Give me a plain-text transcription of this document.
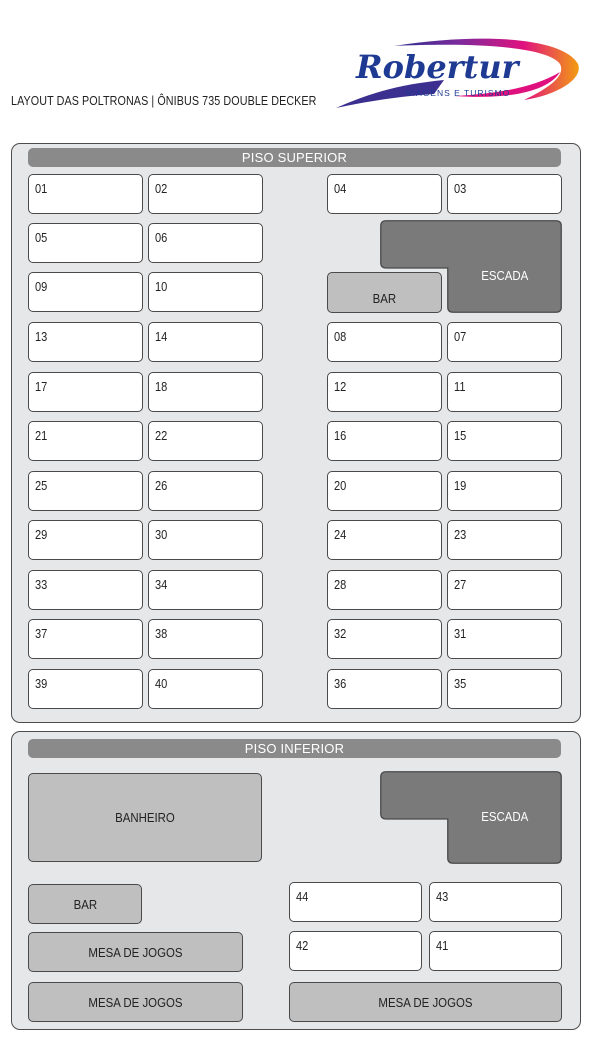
LAYOUT DAS POLTRONAS | ÔNIBUS 735 DOUBLE DECKER
Robertur
VIAGENS E TURISMO
PISO SUPERIOR
01	02
05	06
09	10
13	14
17	18
21	22
25	26
29	30
33	34
37	38
39	40
04	03
ESCADA
BAR
08	07
12	11
16	15
20	19
24	23
28	27
32	31
36	35
PISO INFERIOR
BANHEIRO	ESCADA
BAR	44	43
42	41
MESA DE JOGOS
MESA DE JOGOS	MESA DE JOGOS
